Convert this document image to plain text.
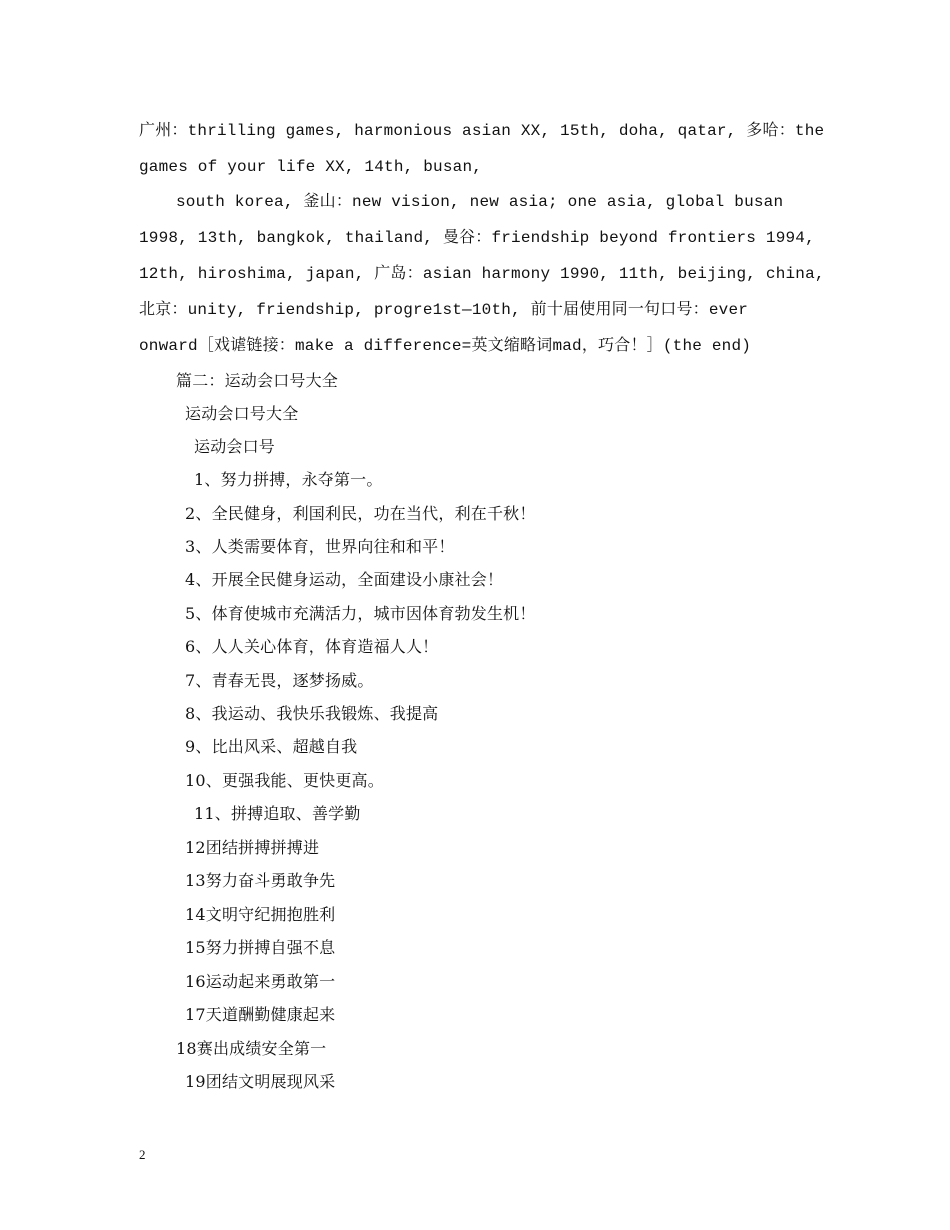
广州：thrilling games, harmonious asian XX, 15th, doha, qatar, 多哈：the
games of your life XX, 14th, busan,
south korea, 釜山：new vision, new asia; one asia, global busan
1998, 13th, bangkok, thailand, 曼谷：friendship beyond frontiers 1994,
12th, hiroshima, japan, 广岛：asian harmony 1990, 11th, beijing, china,
北京：unity, friendship, progre1st—10th, 前十届使用同一句口号：ever
onward［戏谑链接：make a difference=英文缩略词mad，巧合！］(the end)
篇二：运动会口号大全
运动会口号大全
运动会口号
1、努力拼搏，永夺第一。
2、全民健身，利国利民，功在当代，利在千秋！
3、人类需要体育，世界向往和和平！
4、开展全民健身运动，全面建设小康社会！
5、体育使城市充满活力，城市因体育勃发生机！
6、人人关心体育，体育造福人人！
7、青春无畏，逐梦扬威。
8、我运动、我快乐我锻炼、我提高
9、比出风采、超越自我
10、更强我能、更快更高。
11、拼搏追取、善学勤
12团结拼搏拼搏进
13努力奋斗勇敢争先
14文明守纪拥抱胜利
15努力拼搏自强不息
16运动起来勇敢第一
17天道酬勤健康起来
18赛出成绩安全第一
19团结文明展现风采
2
